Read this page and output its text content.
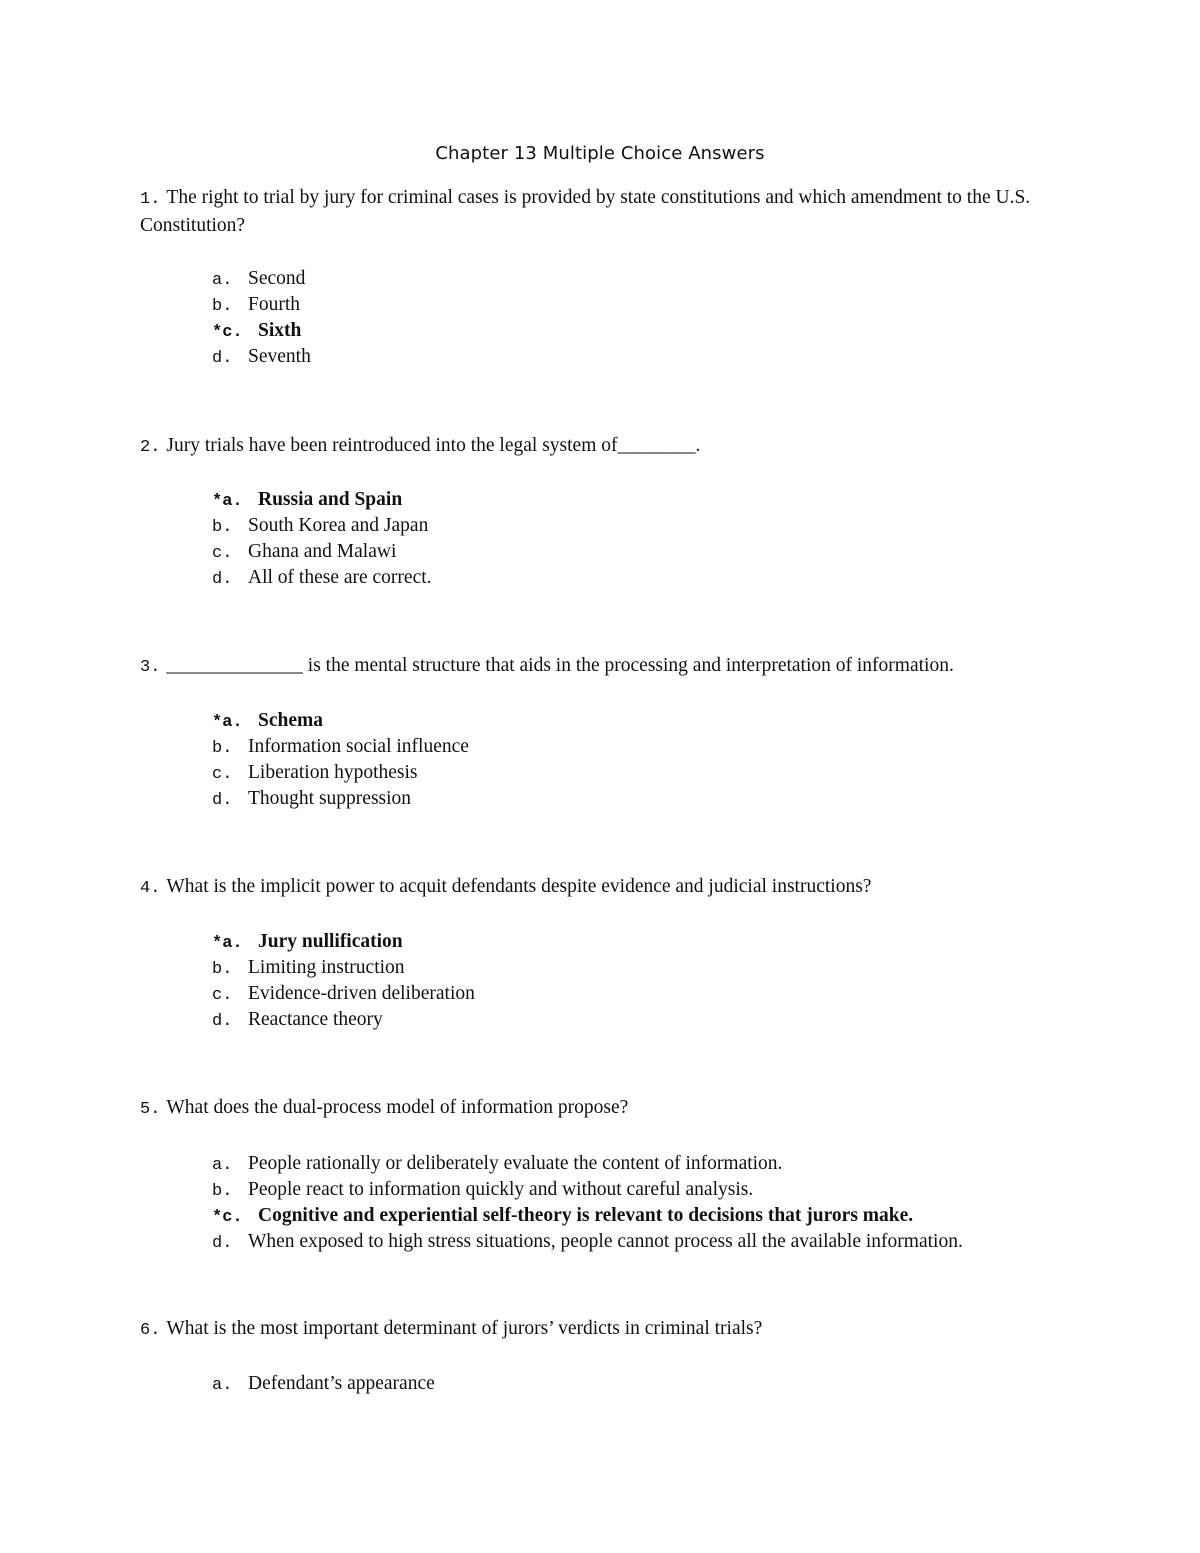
Chapter 13 Multiple Choice Answers
1. The right to trial by jury for criminal cases is provided by state constitutions and which amendment to the U.S. Constitution?
a. Second
b. Fourth
*c. Sixth
d. Seventh
2. Jury trials have been reintroduced into the legal system of________.
*a. Russia and Spain
b. South Korea and Japan
c. Ghana and Malawi
d. All of these are correct.
3. ______________ is the mental structure that aids in the processing and interpretation of information.
*a. Schema
b. Information social influence
c. Liberation hypothesis
d. Thought suppression
4. What is the implicit power to acquit defendants despite evidence and judicial instructions?
*a. Jury nullification
b. Limiting instruction
c. Evidence-driven deliberation
d. Reactance theory
5. What does the dual-process model of information propose?
a. People rationally or deliberately evaluate the content of information.
b. People react to information quickly and without careful analysis.
*c. Cognitive and experiential self-theory is relevant to decisions that jurors make.
d. When exposed to high stress situations, people cannot process all the available information.
6. What is the most important determinant of jurors’ verdicts in criminal trials?
a. Defendant’s appearance
